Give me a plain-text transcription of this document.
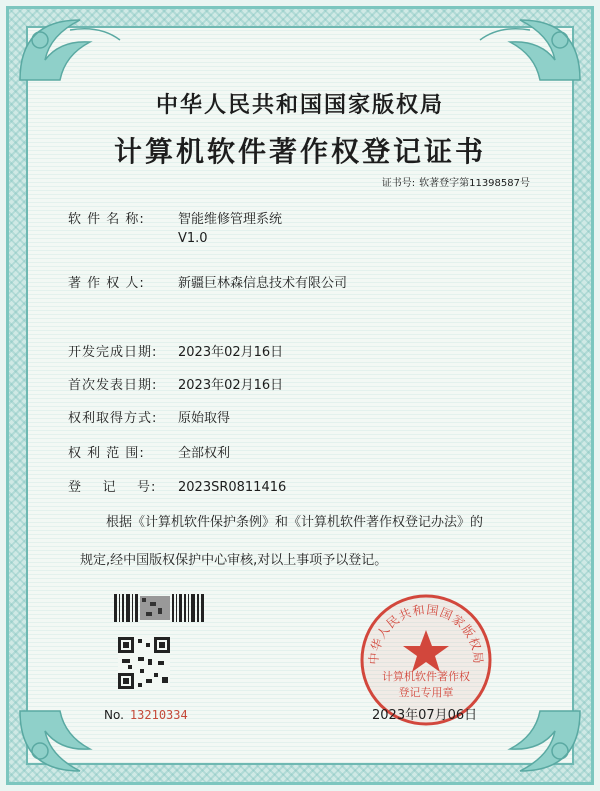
中华人民共和国国家版权局
计算机软件著作权登记证书
证书号: 软著登字第11398587号
软 件 名 称:	智能维修管理系统
V1.0
著 作 权 人:	新疆巨林森信息技术有限公司
开发完成日期: 2023年02月16日
首次发表日期: 2023年02月16日
权利取得方式: 原始取得
权 利 范 围:	全部权利
登    记    号: 2023SR0811416
根据《计算机软件保护条例》和《计算机软件著作权登记办法》的
规定,经中国版权保护中心审核,对以上事项予以登记。
No. 13210334
中华人民共和国国家版权局
计算机软件著作权
登记专用章
2023年07月06日
